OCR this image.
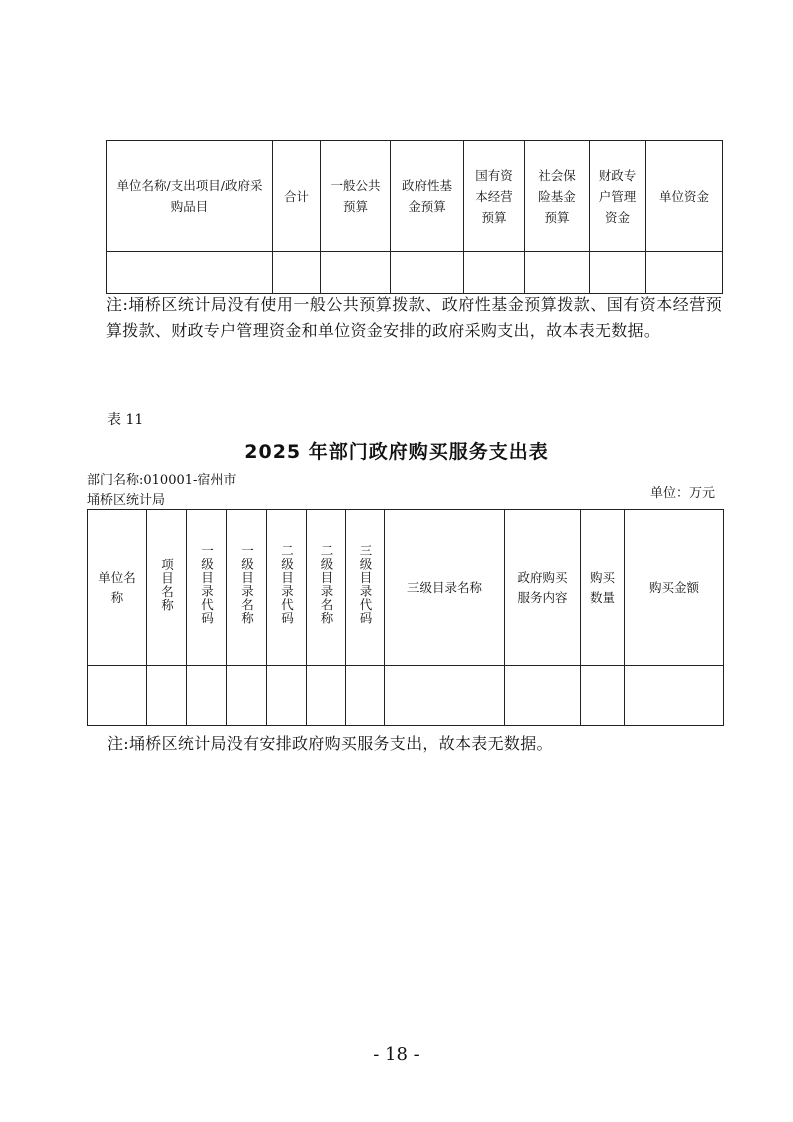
单位名称/支出项目/政府采购品目	合计	一般公共预算	政府性基金预算	国有资本经营预算	社会保险基金预算	财政专户管理资金	单位资金

注:埇桥区统计局没有使用一般公共预算拨款、政府性基金预算拨款、国有资本经营预算拨款、财政专户管理资金和单位资金安排的政府采购支出，故本表无数据。
表 11
2025 年部门政府购买服务支出表
部门名称:010001-宿州市
埇桥区统计局	单位：万元
单位名称	项目名称	一级目录代码	一级目录名称	二级目录代码	二级目录名称	三级目录代码	三级目录名称	政府购买服务内容	购买数量	购买金额

注:埇桥区统计局没有安排政府购买服务支出，故本表无数据。
- 18 -
